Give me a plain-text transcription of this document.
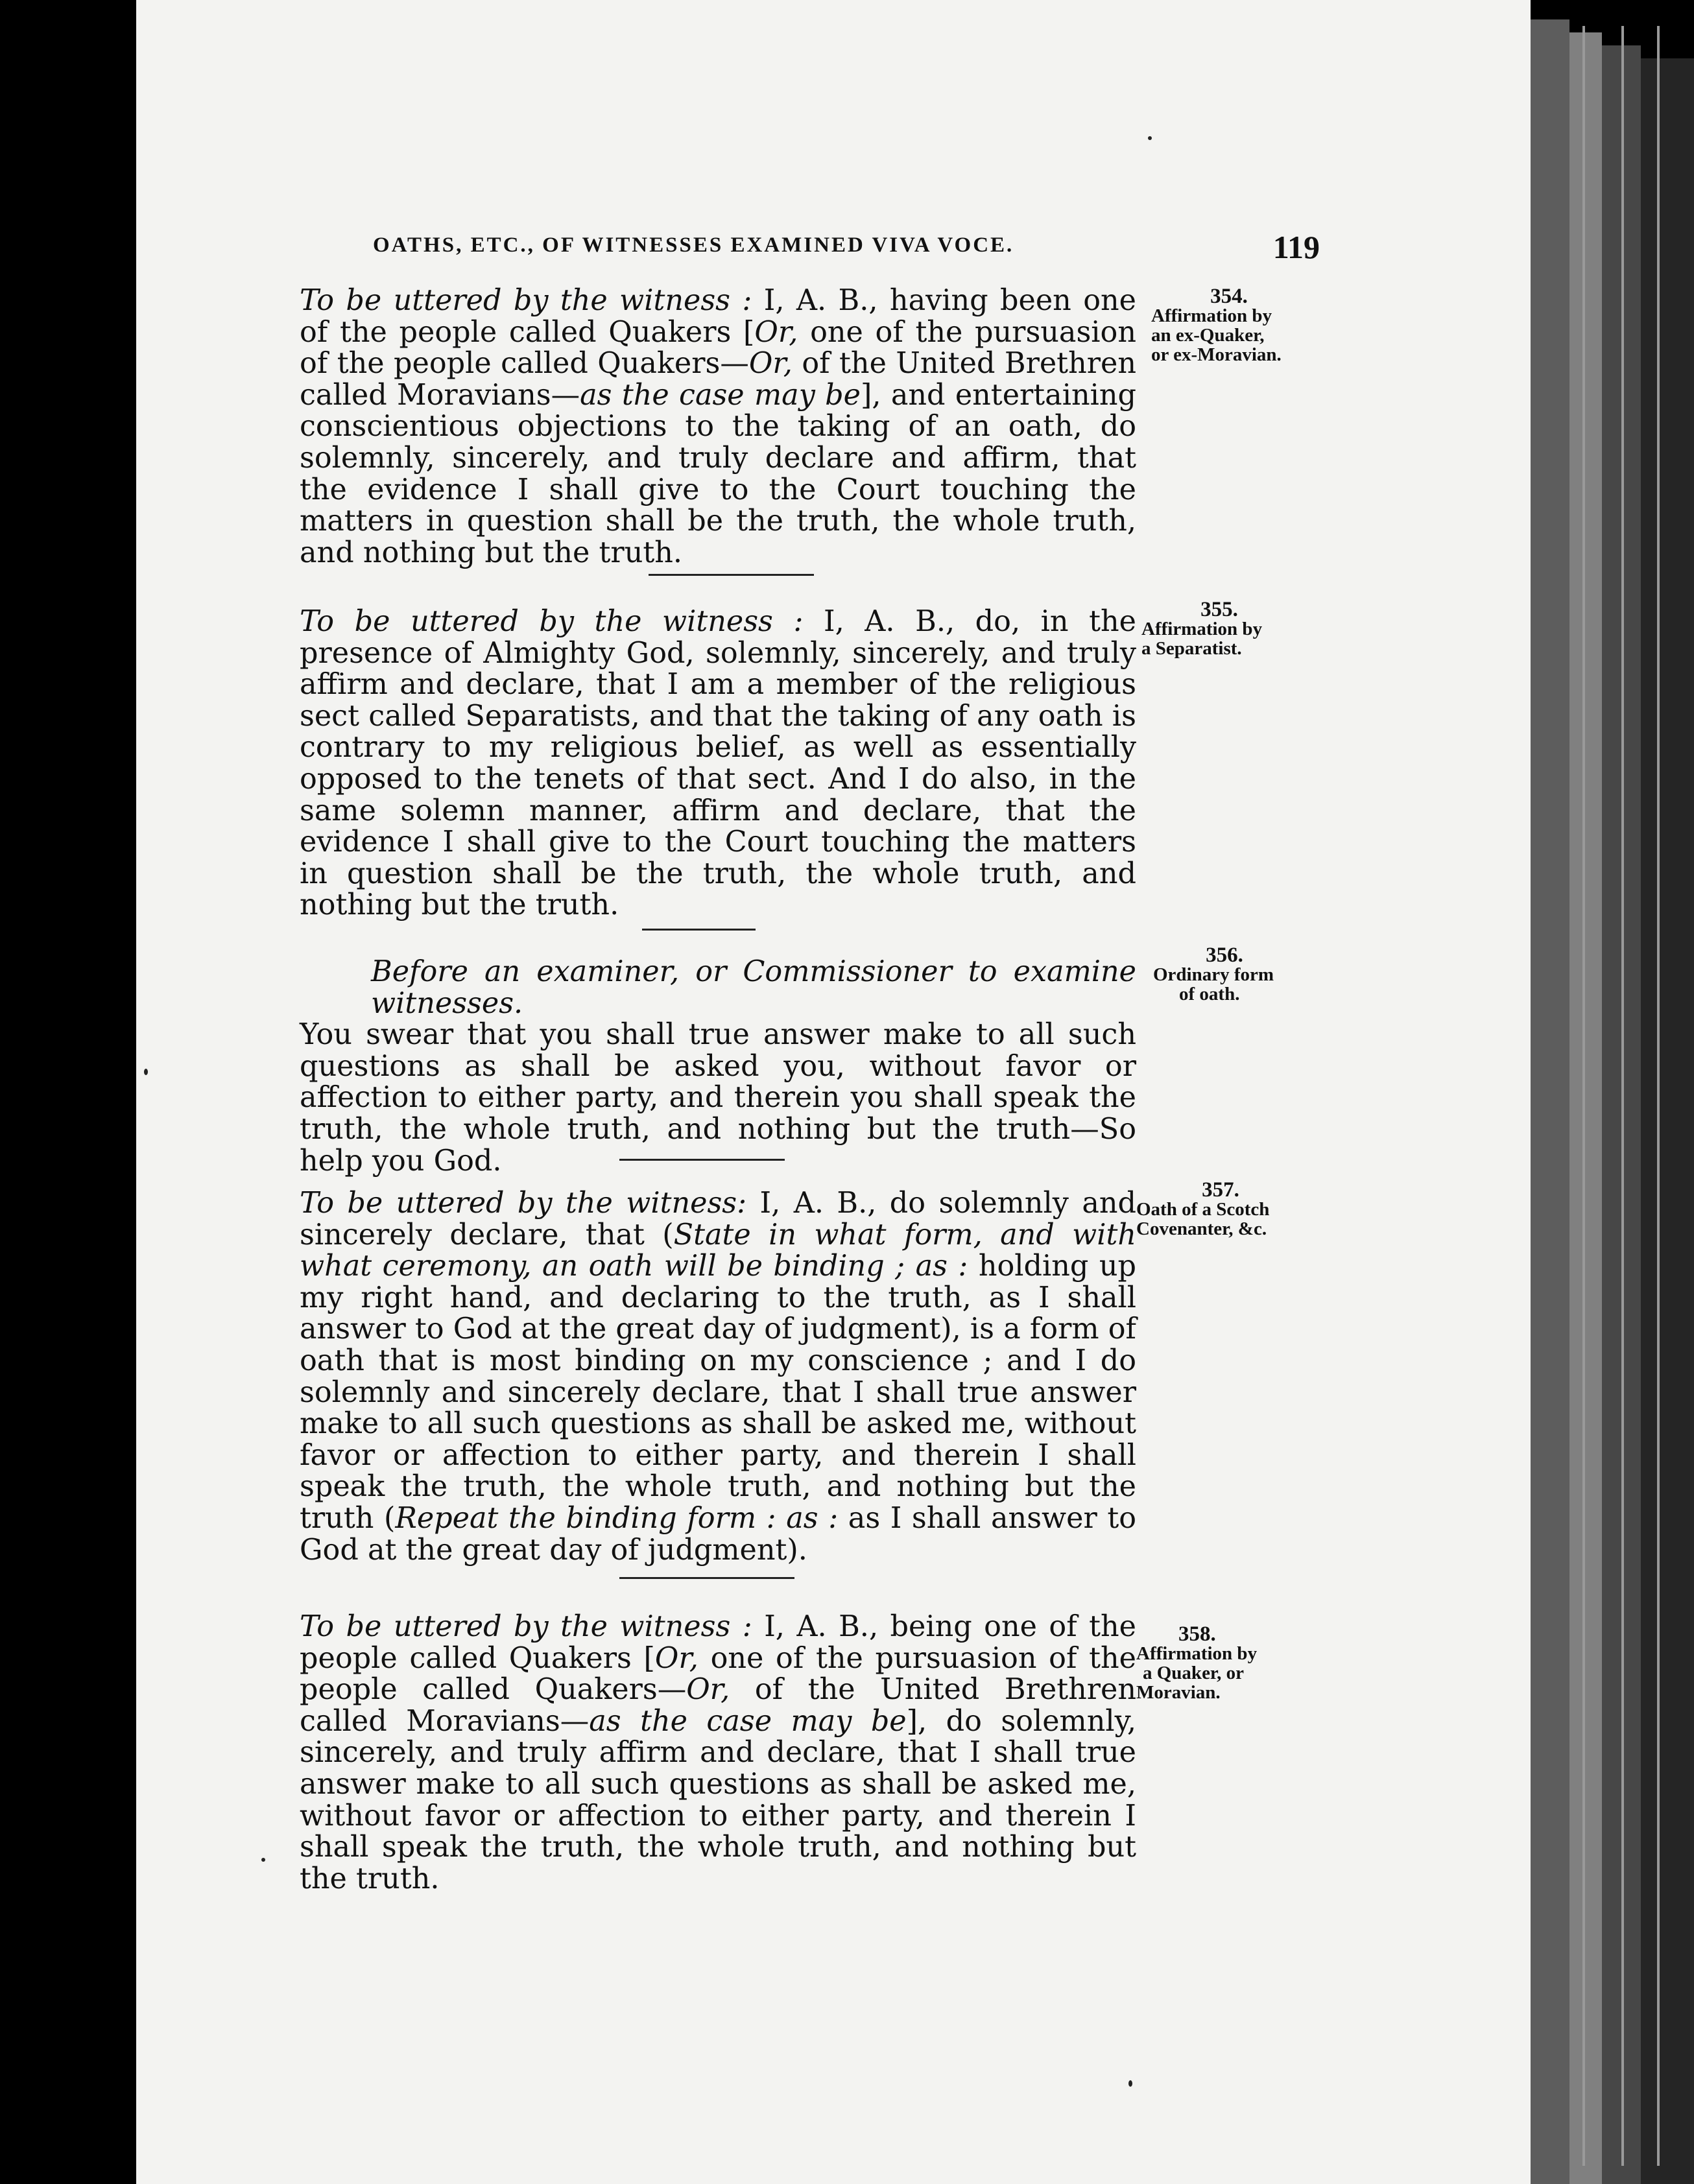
OATHS, ETC., OF WITNESSES EXAMINED VIVA VOCE.	119

To be uttered by the witness : I, A. B., having been one of the people called Quakers [Or, one of the pursuasion of the people called Quakers—Or, of the United Brethren called Moravians—as the case may be], and entertaining conscientious objections to the taking of an oath, do solemnly, sincerely, and truly declare and affirm, that the evidence I shall give to the Court touching the matters in question shall be the truth, the whole truth, and nothing but the truth.

354.
Affirmation by
an ex-Quaker,
or ex-Moravian.

To be uttered by the witness : I, A. B., do, in the presence of Almighty God, solemnly, sincerely, and truly affirm and declare, that I am a member of the religious sect called Separatists, and that the taking of any oath is contrary to my religious belief, as well as essentially opposed to the tenets of that sect. And I do also, in the same solemn manner, affirm and declare, that the evidence I shall give to the Court touching the matters in question shall be the truth, the whole truth, and nothing but the truth.

355.
Affirmation by
a Separatist.

Before an examiner, or Commissioner to examine witnesses.
You swear that you shall true answer make to all such questions as shall be asked you, without favor or affection to either party, and therein you shall speak the truth, the whole truth, and nothing but the truth—So help you God.

356.
Ordinary form
of oath.

To be uttered by the witness: I, A. B., do solemnly and sincerely declare, that (State in what form, and with what ceremony, an oath will be binding ; as : holding up my right hand, and declaring to the truth, as I shall answer to God at the great day of judgment), is a form of oath that is most binding on my conscience ; and I do solemnly and sincerely declare, that I shall true answer make to all such questions as shall be asked me, without favor or affection to either party, and therein I shall speak the truth, the whole truth, and nothing but the truth (Repeat the binding form : as : as I shall answer to God at the great day of judgment).

357.
Oath of a Scotch
Covenanter, &c.

To be uttered by the witness : I, A. B., being one of the people called Quakers [Or, one of the pursuasion of the people called Quakers—Or, of the United Brethren called Moravians—as the case may be], do solemnly, sincerely, and truly affirm and declare, that I shall true answer make to all such questions as shall be asked me, without favor or affection to either party, and therein I shall speak the truth, the whole truth, and nothing but the truth.

358.
Affirmation by
a Quaker, or
Moravian.
